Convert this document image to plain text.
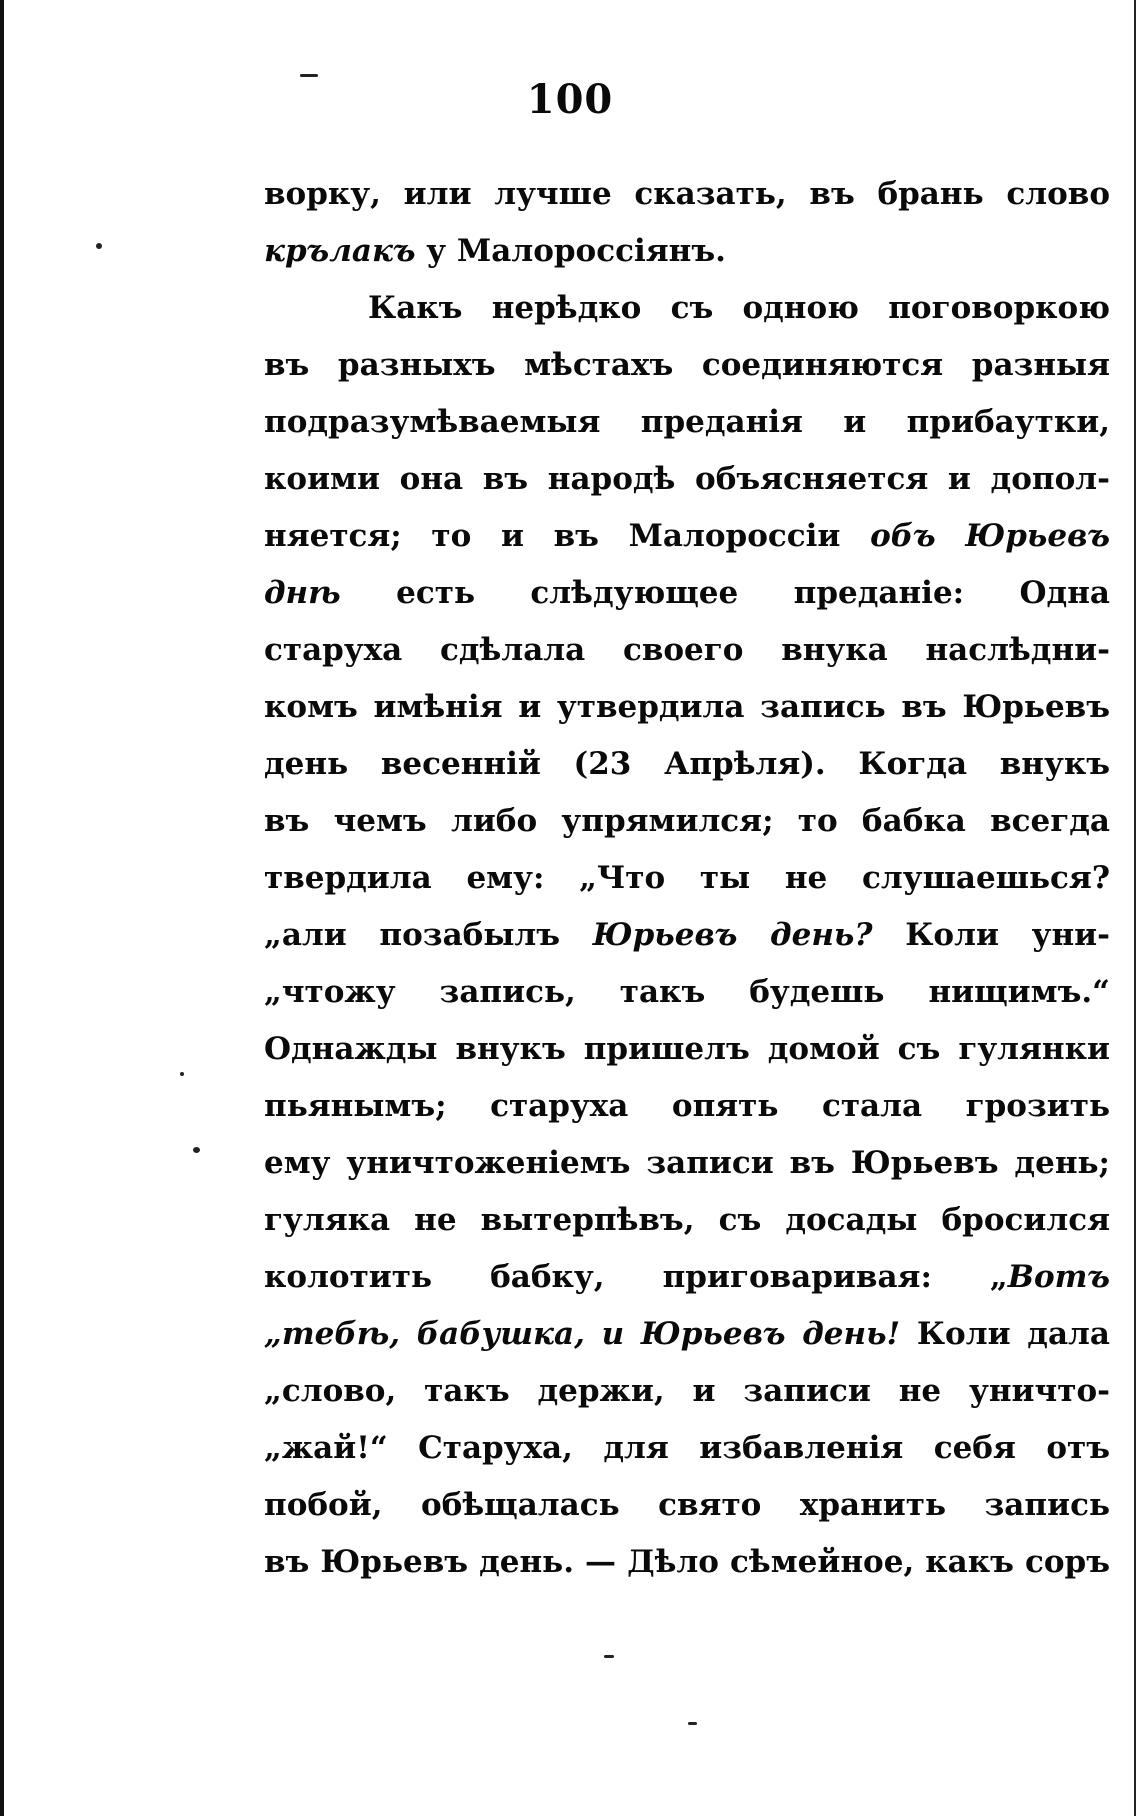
100
ворку, или лучше сказать, въ брань слово
крълакъ у Малороссіянъ.
Какъ нерѣдко съ одною поговоркою
въ разныхъ мѣстахъ соединяются разныя
подразумѣваемыя преданія и прибаутки,
коими она въ народѣ объясняется и допол-
няется; то и въ Малороссіи объ Юрьевъ
днѣ есть слѣдующее преданіе: Одна
старуха сдѣлала своего внука наслѣдни-
комъ имѣнія и утвердила запись въ Юрьевъ
день весенній (23 Апрѣля). Когда внукъ
въ чемъ либо упрямился; то бабка всегда
твердила ему: „Что ты не слушаешься?
„али позабылъ Юрьевъ день? Коли уни-
„чтожу запись, такъ будешь нищимъ.“
Однажды внукъ пришелъ домой съ гулянки
пьянымъ; старуха опять стала грозить
ему уничтоженіемъ записи въ Юрьевъ день;
гуляка не вытерпѣвъ, съ досады бросился
колотить бабку, приговаривая: „Вотъ
„тебѣ, бабушка, и Юрьевъ день! Коли дала
„слово, такъ держи, и записи не уничто-
„жай!“ Старуха, для избавленія себя отъ
побой, обѣщалась свято хранить запись
въ Юрьевъ день. — Дѣло сѣмейное, какъ соръ
